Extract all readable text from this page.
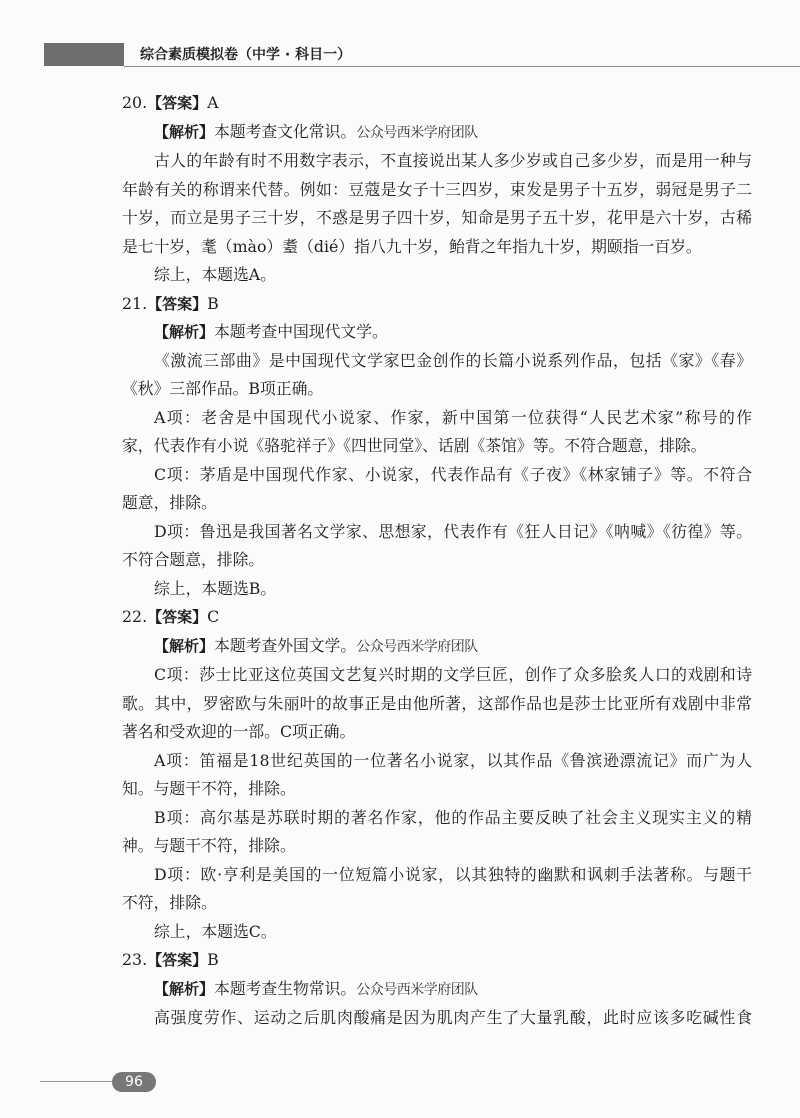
综合素质模拟卷（中学 · 科目一）

20.【答案】A

【解析】本题考查文化常识。公众号西米学府团队

古人的年龄有时不用数字表示，不直接说出某人多少岁或自己多少岁，而是用一种与

年龄有关的称谓来代替。例如：豆蔻是女子十三四岁，束发是男子十五岁，弱冠是男子二

十岁，而立是男子三十岁，不惑是男子四十岁，知命是男子五十岁，花甲是六十岁，古稀

是七十岁，耄（mào）耋（dié）指八九十岁，鲐背之年指九十岁，期颐指一百岁。

综上，本题选A。

21.【答案】B

【解析】本题考查中国现代文学。

《激流三部曲》是中国现代文学家巴金创作的长篇小说系列作品，包括《家》《春》

《秋》三部作品。B项正确。

A项：老舍是中国现代小说家、作家，新中国第一位获得“人民艺术家”称号的作

家，代表作有小说《骆驼祥子》《四世同堂》、话剧《茶馆》等。不符合题意，排除。

C项：茅盾是中国现代作家、小说家，代表作品有《子夜》《林家铺子》等。不符合

题意，排除。

D项：鲁迅是我国著名文学家、思想家，代表作有《狂人日记》《呐喊》《彷徨》等。

不符合题意，排除。

综上，本题选B。

22.【答案】C

【解析】本题考查外国文学。公众号西米学府团队

C项：莎士比亚这位英国文艺复兴时期的文学巨匠，创作了众多脍炙人口的戏剧和诗

歌。其中，罗密欧与朱丽叶的故事正是由他所著，这部作品也是莎士比亚所有戏剧中非常

著名和受欢迎的一部。C项正确。

A项：笛福是18世纪英国的一位著名小说家，以其作品《鲁滨逊漂流记》而广为人

知。与题干不符，排除。

B项：高尔基是苏联时期的著名作家，他的作品主要反映了社会主义现实主义的精

神。与题干不符，排除。

D项：欧·亨利是美国的一位短篇小说家，以其独特的幽默和讽刺手法著称。与题干

不符，排除。

综上，本题选C。

23.【答案】B

【解析】本题考查生物常识。公众号西米学府团队

高强度劳作、运动之后肌肉酸痛是因为肌肉产生了大量乳酸，此时应该多吃碱性食

96
